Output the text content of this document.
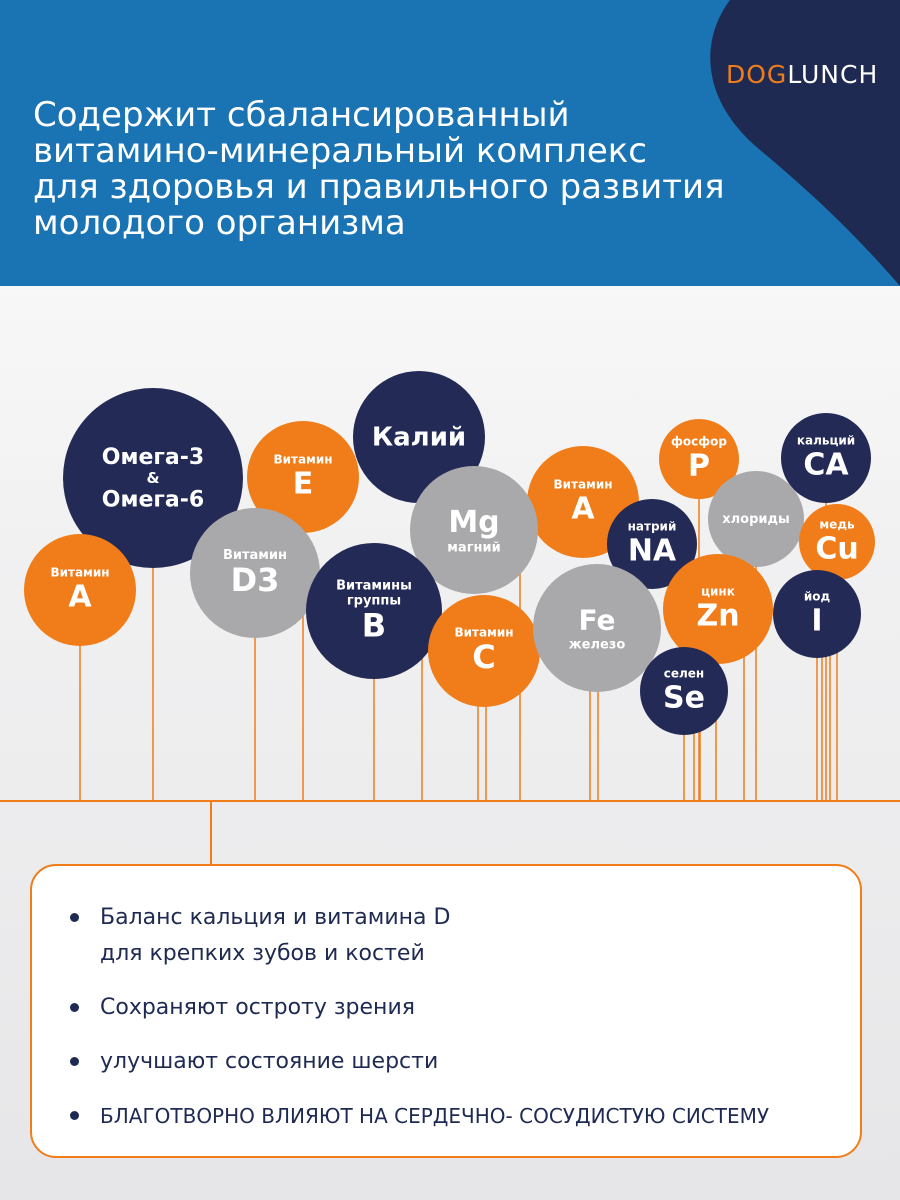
DOGLUNCH
Содержит сбалансированный
витамино-минеральный комплекс
для здоровья и правильного развития
молодого организма
Омега-3
&
Омега-6
Витамин
E
Калий
Витамин
A
фосфор
P
кальций
CA
Витамин
A
Витамин
D3
Mg
магний
натрий
NA
хлориды медь
Cu
Витамины
группы
B	Витамин
C
Fe
железо
цинк
Zn
йод
I
селен
Se
Баланс кальция и витамина D
для крепких зубов и костей
Сохраняют остроту зрения
улучшают состояние шерсти
БЛАГОТВОРНО ВЛИЯЮТ НА СЕРДЕЧНО- СОСУДИСТУЮ СИСТЕМУ
